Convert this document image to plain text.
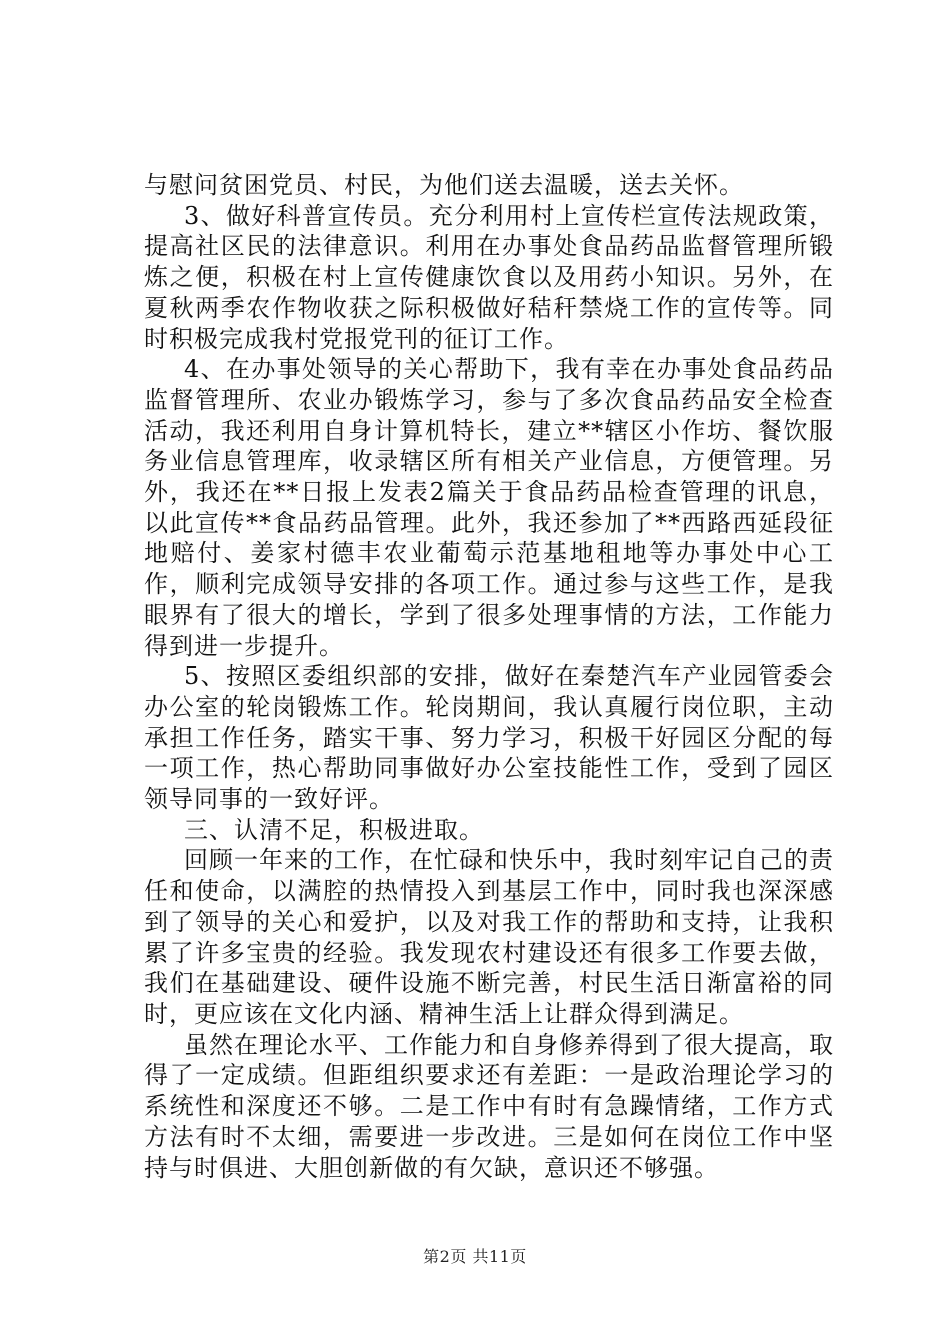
与慰问贫困党员、村民，为他们送去温暖，送去关怀。

3、做好科普宣传员。充分利用村上宣传栏宣传法规政策，提高社区民的法律意识。利用在办事处食品药品监督管理所锻炼之便，积极在村上宣传健康饮食以及用药小知识。另外，在夏秋两季农作物收获之际积极做好秸秆禁烧工作的宣传等。同时积极完成我村党报党刊的征订工作。

4、在办事处领导的关心帮助下，我有幸在办事处食品药品监督管理所、农业办锻炼学习，参与了多次食品药品安全检查活动，我还利用自身计算机特长，建立**辖区小作坊、餐饮服务业信息管理库，收录辖区所有相关产业信息，方便管理。另外，我还在**日报上发表2篇关于食品药品检查管理的讯息，以此宣传**食品药品管理。此外，我还参加了**西路西延段征地赔付、姜家村德丰农业葡萄示范基地租地等办事处中心工作，顺利完成领导安排的各项工作。通过参与这些工作，是我眼界有了很大的增长，学到了很多处理事情的方法，工作能力得到进一步提升。

5、按照区委组织部的安排，做好在秦楚汽车产业园管委会办公室的轮岗锻炼工作。轮岗期间，我认真履行岗位职，主动承担工作任务，踏实干事、努力学习，积极干好园区分配的每一项工作，热心帮助同事做好办公室技能性工作，受到了园区领导同事的一致好评。

三、认清不足，积极进取。

回顾一年来的工作，在忙碌和快乐中，我时刻牢记自己的责任和使命，以满腔的热情投入到基层工作中，同时我也深深感到了领导的关心和爱护，以及对我工作的帮助和支持，让我积累了许多宝贵的经验。我发现农村建设还有很多工作要去做，我们在基础建设、硬件设施不断完善，村民生活日渐富裕的同时，更应该在文化内涵、精神生活上让群众得到满足。

虽然在理论水平、工作能力和自身修养得到了很大提高，取得了一定成绩。但距组织要求还有差距：一是政治理论学习的系统性和深度还不够。二是工作中有时有急躁情绪，工作方式方法有时不太细，需要进一步改进。三是如何在岗位工作中坚持与时俱进、大胆创新做的有欠缺，意识还不够强。

第2页 共11页
